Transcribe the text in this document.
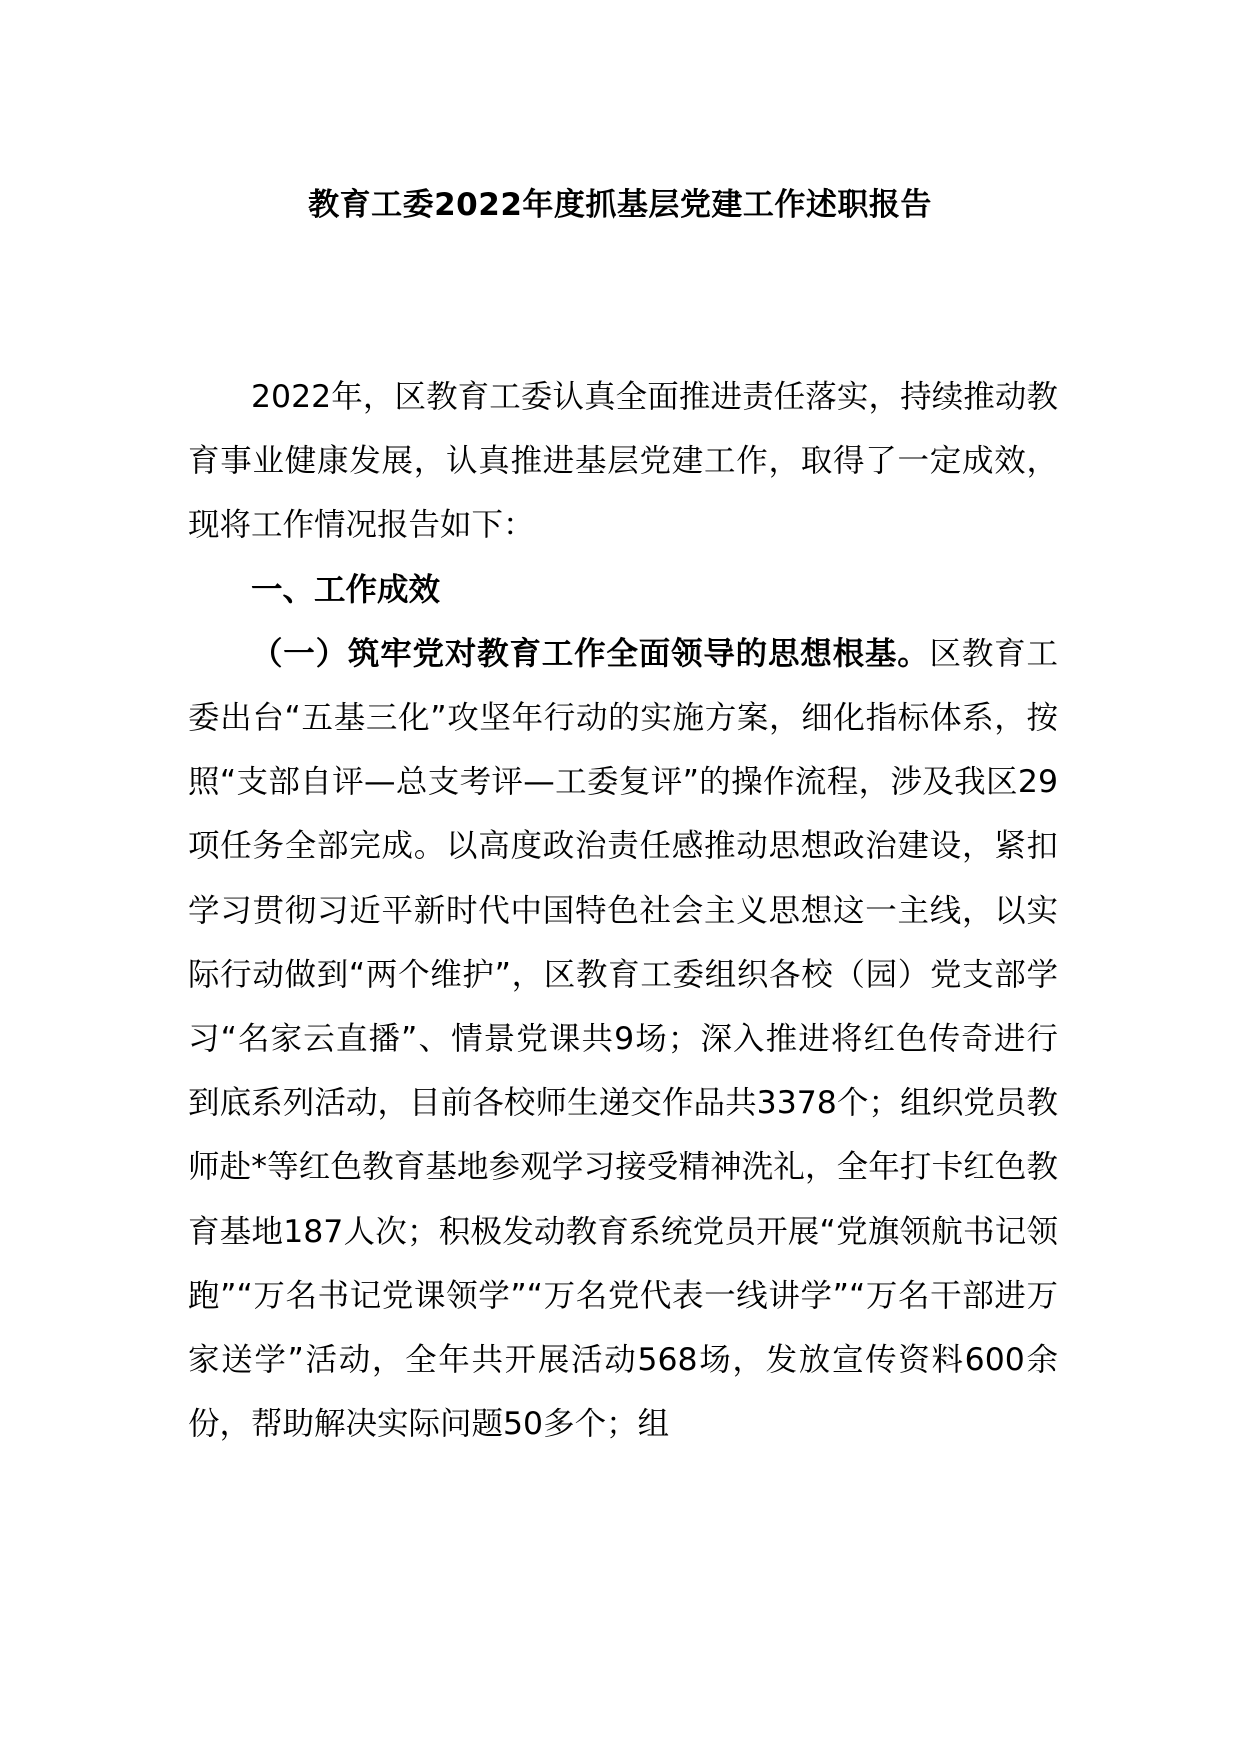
教育工委2022年度抓基层党建工作述职报告

2022年，区教育工委认真全面推进责任落实，持续推动教育事业健康发展，认真推进基层党建工作，取得了一定成效，现将工作情况报告如下：

一、工作成效

（一）筑牢党对教育工作全面领导的思想根基。区教育工委出台“五基三化”攻坚年行动的实施方案，细化指标体系，按照“支部自评—总支考评—工委复评”的操作流程，涉及我区29项任务全部完成。以高度政治责任感推动思想政治建设，紧扣学习贯彻习近平新时代中国特色社会主义思想这一主线，以实际行动做到“两个维护”，区教育工委组织各校（园）党支部学习“名家云直播”、情景党课共9场；深入推进将红色传奇进行到底系列活动，目前各校师生递交作品共3378个；组织党员教师赴*等红色教育基地参观学习接受精神洗礼，全年打卡红色教育基地187人次；积极发动教育系统党员开展“党旗领航书记领跑”“万名书记党课领学”“万名党代表一线讲学”“万名干部进万家送学”活动，全年共开展活动568场，发放宣传资料600余份，帮助解决实际问题50多个；组
